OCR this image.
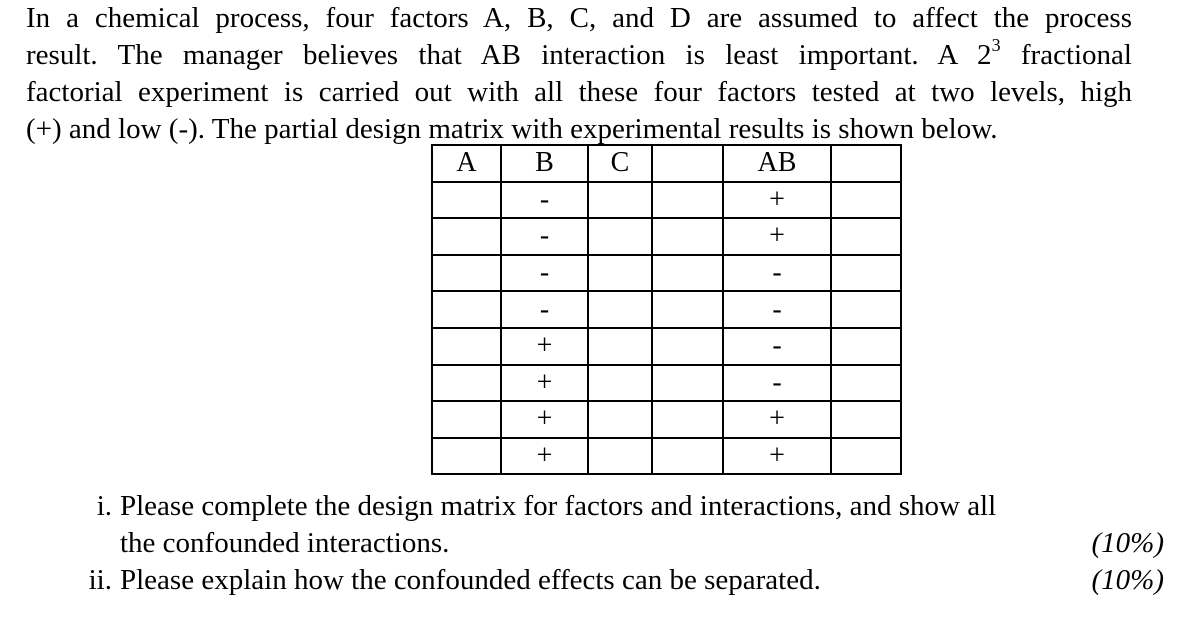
In a chemical process, four factors A, B, C, and D are assumed to affect the process
result. The manager believes that AB interaction is least important. A $2^3$ fractional
factorial experiment is carried out with all these four factors tested at two levels, high
(+) and low (-). The partial design matrix with experimental results is shown below.
A	B	C		AB	
	-			+	
	-			+	
	-			-	
	-			-	
	+			-	
	+			-	
	+			+	
	+			+	
i. Please complete the design matrix for factors and interactions, and show all
the confounded interactions.	(10%)
ii. Please explain how the confounded effects can be separated.	(10%)
